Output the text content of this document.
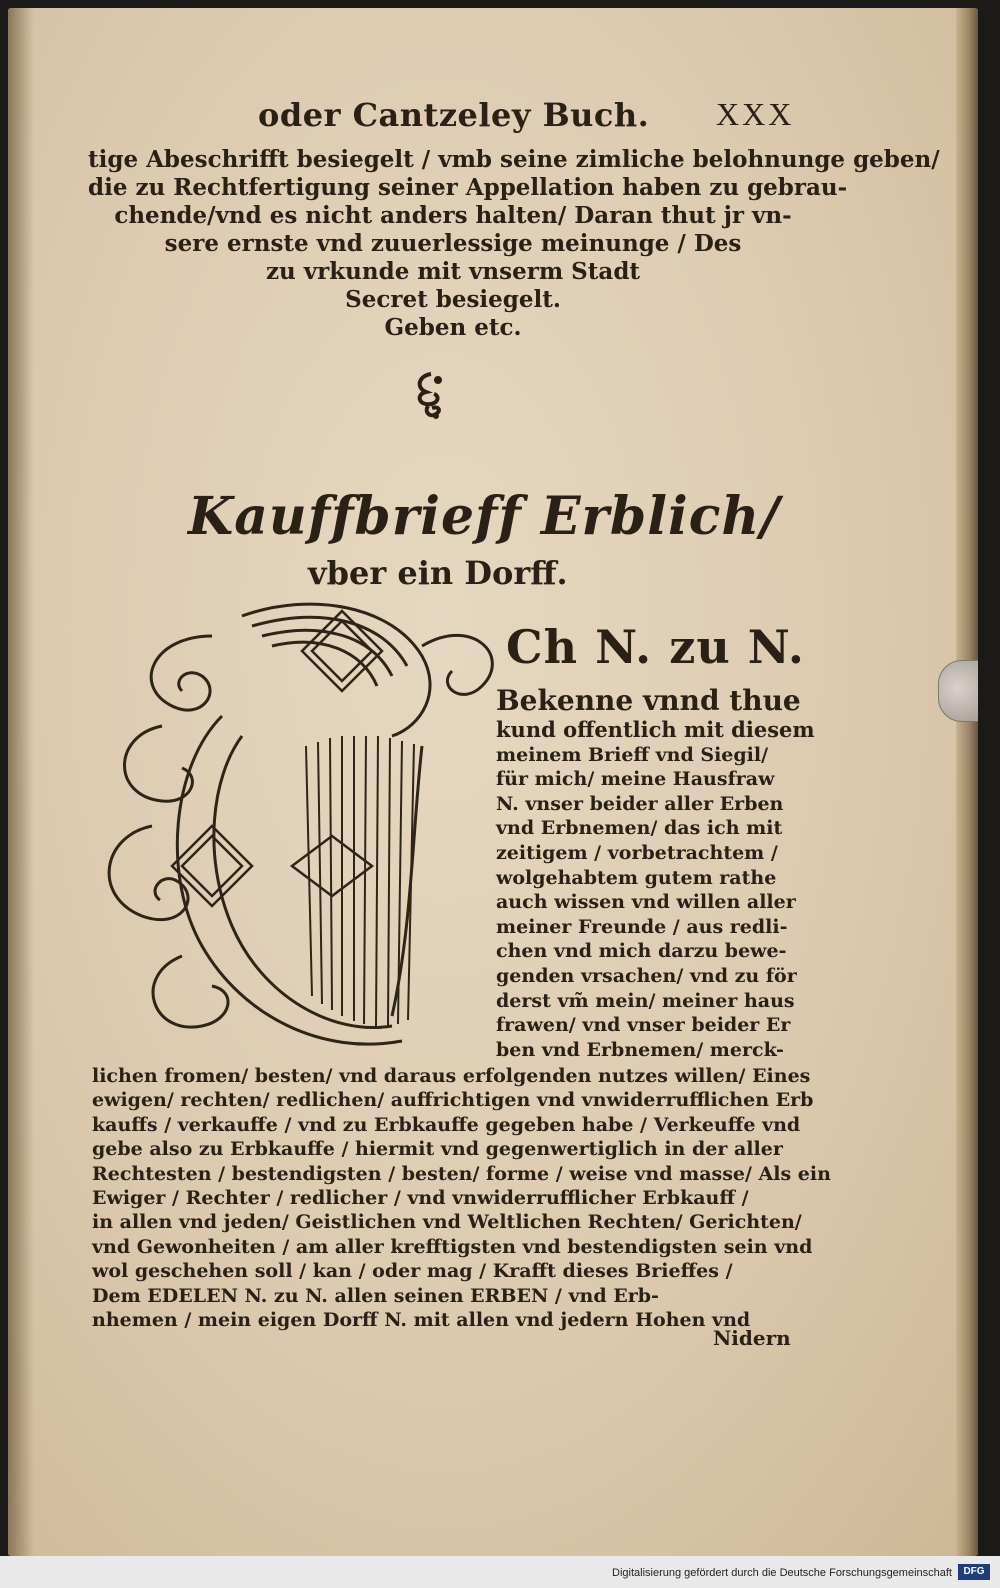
oder Cantzeley Buch. XXX
tige Abeschrifft besiegelt / vmb seine zimliche belohnunge geben/
die zu Rechtfertigung seiner Appellation haben zu gebrau-
chende/vnd es nicht anders halten/ Daran thut jr vn-
sere ernste vnd zuuerlessige meinunge / Des
zu vrkunde mit vnserm Stadt
Secret besiegelt.
Geben etc.
Kauffbrieff Erblich/
vber ein Dorff.
Ch N. zu N.
Bekenne vnnd thue
kund offentlich mit diesem
meinem Brieff vnd Siegil/
für mich/ meine Hausfraw
N. vnser beider aller Erben
vnd Erbnemen/ das ich mit
zeitigem / vorbetrachtem /
wolgehabtem gutem rathe
auch wissen vnd willen aller
meiner Freunde / aus redli-
chen vnd mich darzu bewe-
genden vrsachen/ vnd zu för
derst vm̃ mein/ meiner haus
frawen/ vnd vnser beider Er
ben vnd Erbnemen/ merck-
lichen fromen/ besten/ vnd daraus erfolgenden nutzes willen/ Eines
ewigen/ rechten/ redlichen/ auffrichtigen vnd vnwiderrufflichen Erb
kauffs / verkauffe / vnd zu Erbkauffe gegeben habe / Verkeuffe vnd
gebe also zu Erbkauffe / hiermit vnd gegenwertiglich in der aller
Rechtesten / bestendigsten / besten/ forme / weise vnd masse/ Als ein
Ewiger / Rechter / redlicher / vnd vnwiderrufflicher Erbkauff /
in allen vnd jeden/ Geistlichen vnd Weltlichen Rechten/ Gerichten/
vnd Gewonheiten / am aller krefftigsten vnd bestendigsten sein vnd
wol geschehen soll / kan / oder mag / Krafft dieses Brieffes /
Dem EDELEN N. zu N. allen seinen ERBEN / vnd Erb-
nhemen / mein eigen Dorff N. mit allen vnd jedern Hohen vnd
Nidern
Digitalisierung gefördert durch die Deutsche Forschungsgemeinschaft	DFG
